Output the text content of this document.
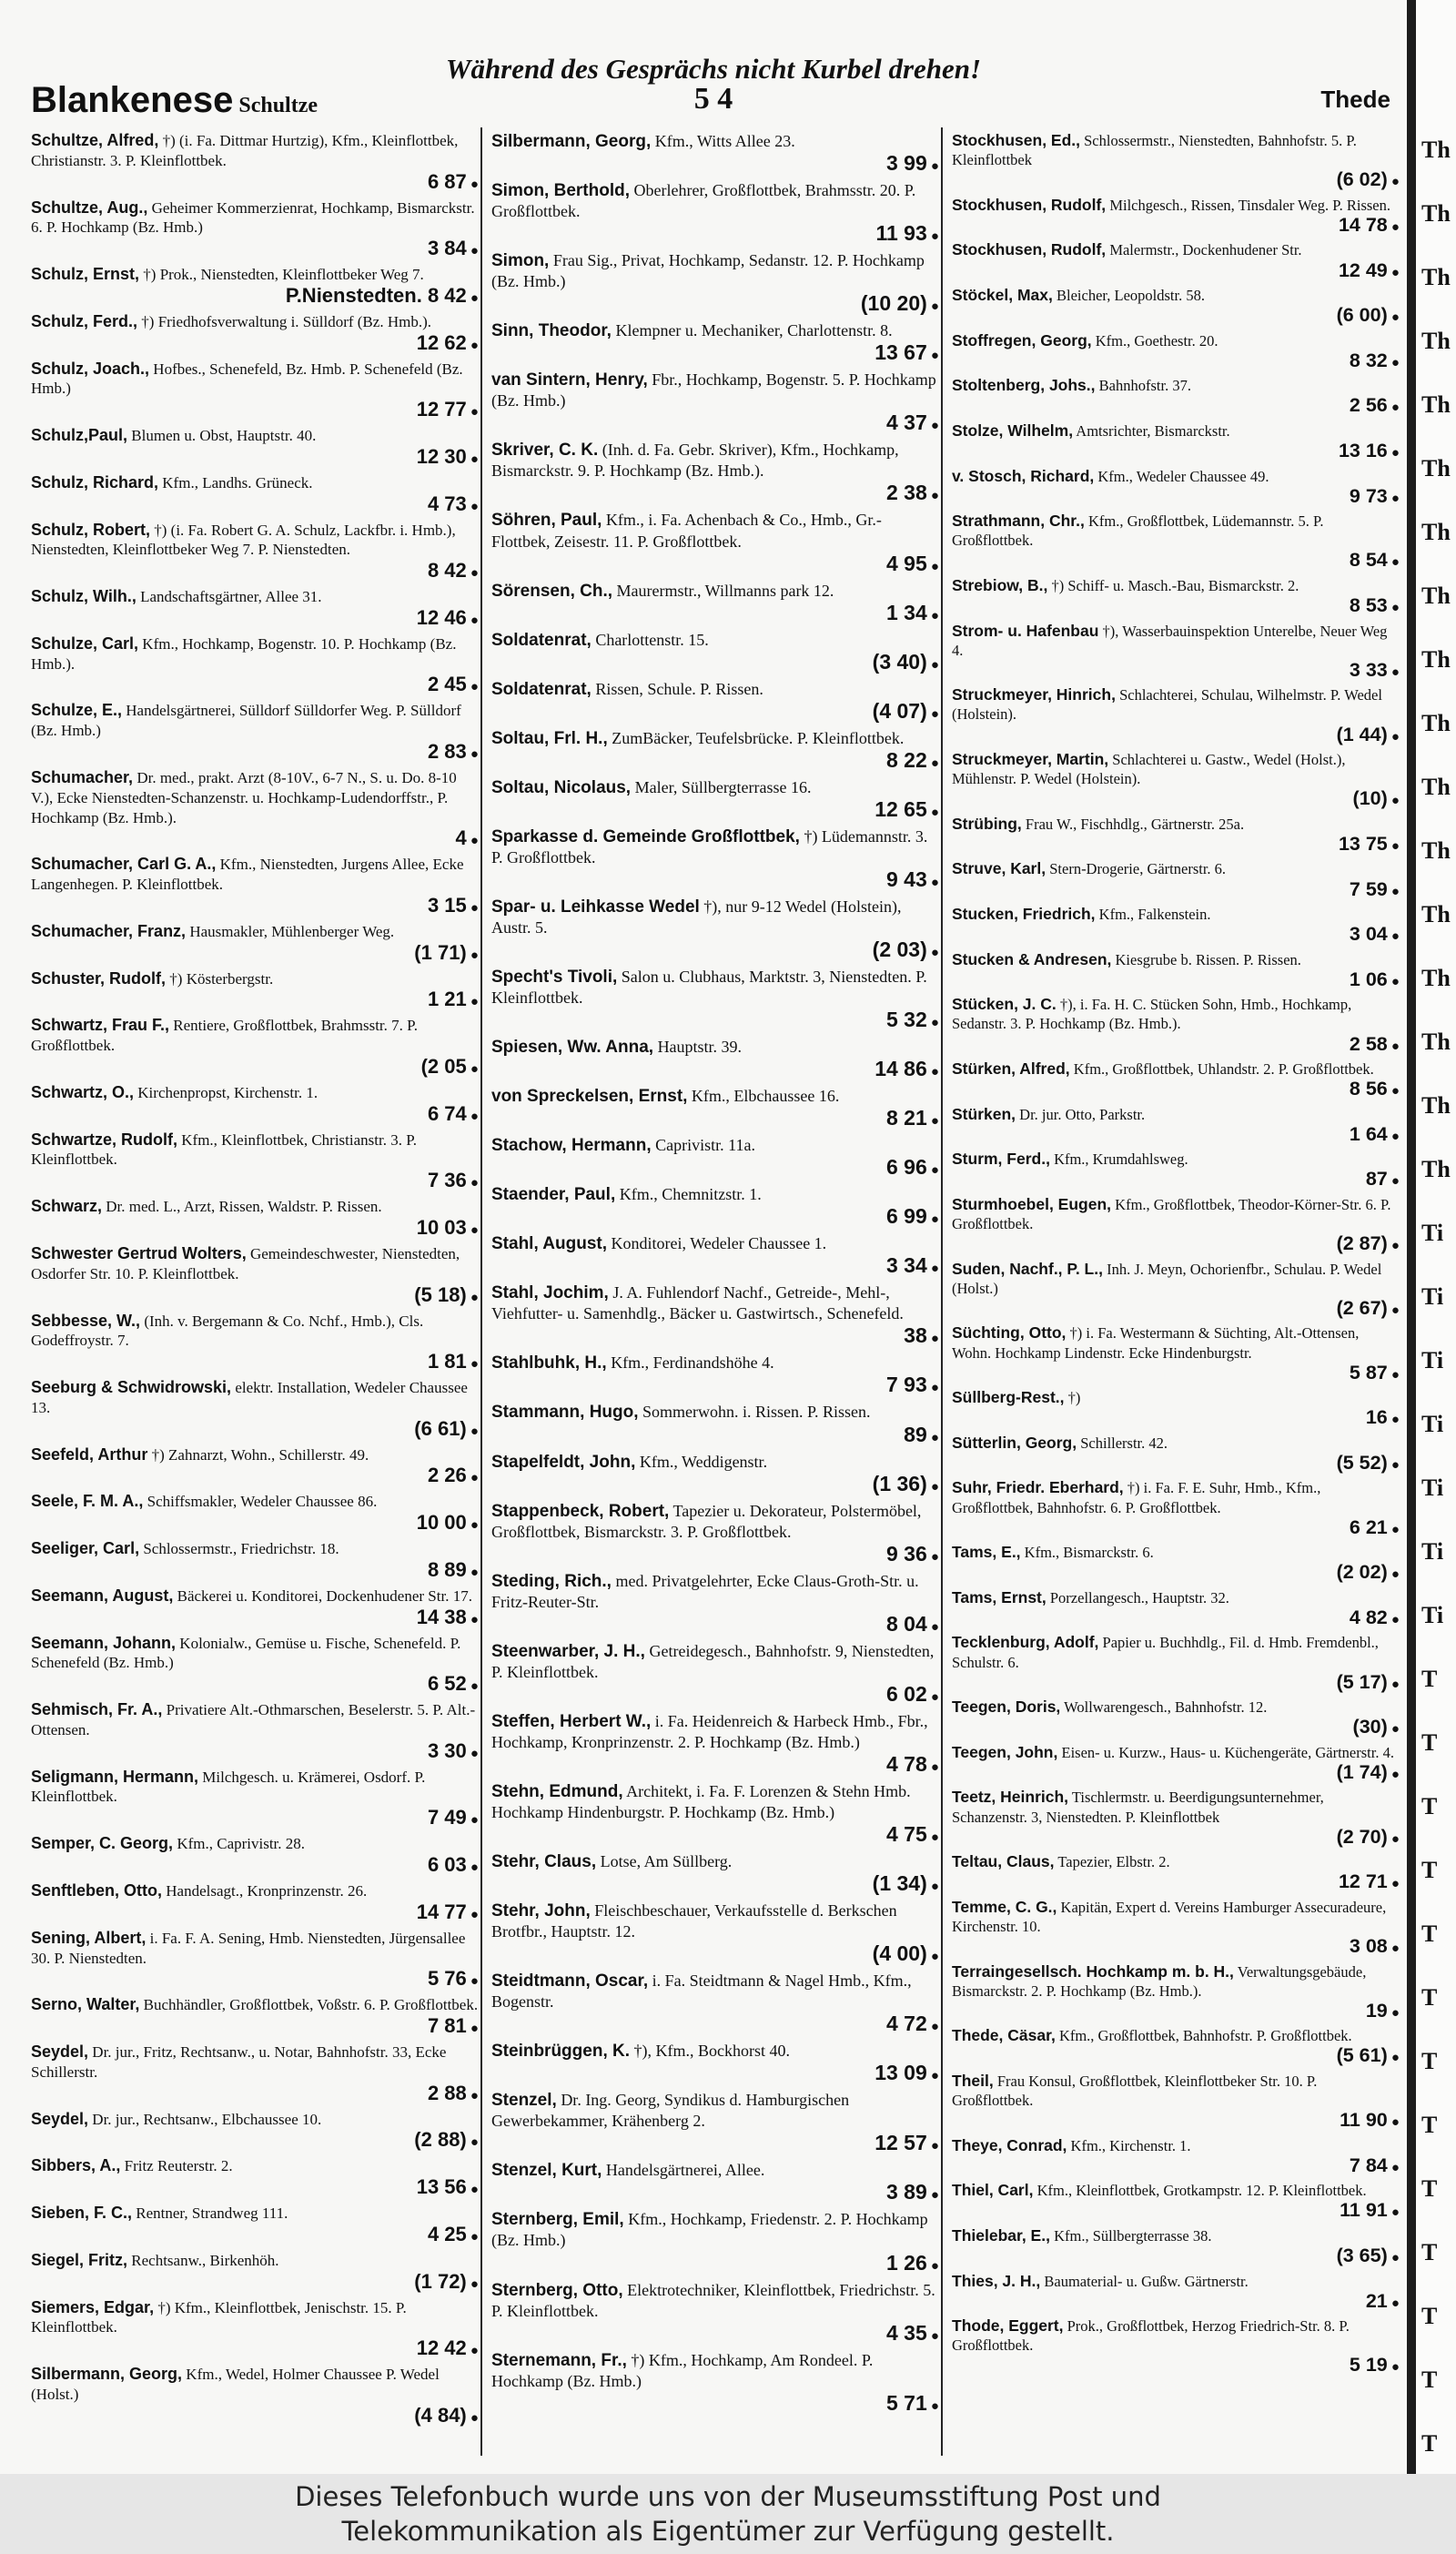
Blankenese Schultze
Während des Gesprächs nicht Kurbel drehen!
5 4	Thede
Schultze, Alfred, †) (i. Fa. Dittmar Hurtzig), Kfm., Kleinflottbek, Christianstr. 3. P. Kleinflottbek.
6 87 ●
Schultze, Aug., Geheimer Kommerzienrat, Hochkamp, Bismarckstr. 6. P. Hochkamp (Bz. Hmb.)
3 84 ●
Schulz, Ernst, †) Prok., Nienstedten, Kleinflottbeker Weg 7.
P.Nienstedten. 8 42 ●
Schulz, Ferd., †) Friedhofsverwaltung i. Sülldorf (Bz. Hmb.).
12 62 ●
Schulz, Joach., Hofbes., Schenefeld, Bz. Hmb. P. Schenefeld (Bz. Hmb.)
12 77 ●
Schulz,Paul, Blumen u. Obst, Hauptstr. 40.
12 30 ●
Schulz, Richard, Kfm., Landhs. Grüneck.
4 73 ●
Schulz, Robert, †) (i. Fa. Robert G. A. Schulz, Lackfbr. i. Hmb.), Nienstedten, Kleinflottbeker Weg 7. P. Nienstedten.
8 42 ●
Schulz, Wilh., Landschaftsgärtner, Allee 31.
12 46 ●
Schulze, Carl, Kfm., Hochkamp, Bogenstr. 10. P. Hochkamp (Bz. Hmb.).
2 45 ●
Schulze, E., Handelsgärtnerei, Sülldorf Sülldorfer Weg. P. Sülldorf (Bz. Hmb.)
2 83 ●
Schumacher, Dr. med., prakt. Arzt (8-10V., 6-7 N., S. u. Do. 8-10 V.), Ecke Nienstedten-Schanzenstr. u. Hochkamp-Ludendorffstr., P. Hochkamp (Bz. Hmb.).
4 ●
Schumacher, Carl G. A., Kfm., Nienstedten, Jurgens Allee, Ecke Langenhegen. P. Kleinflottbek.
3 15 ●
Schumacher, Franz, Hausmakler, Mühlenberger Weg.
(1 71) ●
Schuster, Rudolf, †) Kösterbergstr.
1 21 ●
Schwartz, Frau F., Rentiere, Großflottbek, Brahmsstr. 7. P. Großflottbek.
(2 05 ●
Schwartz, O., Kirchenpropst, Kirchenstr. 1.
6 74 ●
Schwartze, Rudolf, Kfm., Kleinflottbek, Christianstr. 3. P. Kleinflottbek.
7 36 ●
Schwarz, Dr. med. L., Arzt, Rissen, Waldstr. P. Rissen.
10 03 ●
Schwester Gertrud Wolters, Gemeindeschwester, Nienstedten, Osdorfer Str. 10. P. Kleinflottbek.
(5 18) ●
Sebbesse, W., (Inh. v. Bergemann & Co. Nchf., Hmb.), Cls. Godeffroystr. 7.
1 81 ●
Seeburg & Schwidrowski, elektr. Installation, Wedeler Chaussee 13.
(6 61) ●
Seefeld, Arthur †) Zahnarzt, Wohn., Schillerstr. 49.
2 26 ●
Seele, F. M. A., Schiffsmakler, Wedeler Chaussee 86.
10 00 ●
Seeliger, Carl, Schlossermstr., Friedrichstr. 18.
8 89 ●
Seemann, August, Bäckerei u. Konditorei, Dockenhudener Str. 17.
14 38 ●
Seemann, Johann, Kolonialw., Gemüse u. Fische, Schenefeld. P. Schenefeld (Bz. Hmb.)
6 52 ●
Sehmisch, Fr. A., Privatiere Alt.-Othmarschen, Beselerstr. 5. P. Alt.-Ottensen.
3 30 ●
Seligmann, Hermann, Milchgesch. u. Krämerei, Osdorf. P. Kleinflottbek.
7 49 ●
Semper, C. Georg, Kfm., Caprivistr. 28.
6 03 ●
Senftleben, Otto, Handelsagt., Kronprinzenstr. 26.
14 77 ●
Sening, Albert, i. Fa. F. A. Sening, Hmb. Nienstedten, Jürgensallee 30. P. Nienstedten.
5 76 ●
Serno, Walter, Buchhändler, Großflottbek, Voßstr. 6. P. Großflottbek.
7 81 ●
Seydel, Dr. jur., Fritz, Rechtsanw., u. Notar, Bahnhofstr. 33, Ecke Schillerstr.
2 88 ●
Seydel, Dr. jur., Rechtsanw., Elbchaussee 10.
(2 88) ●
Sibbers, A., Fritz Reuterstr. 2.
13 56 ●
Sieben, F. C., Rentner, Strandweg 111.
4 25 ●
Siegel, Fritz, Rechtsanw., Birkenhöh.
(1 72) ●
Siemers, Edgar, †) Kfm., Kleinflottbek, Jenischstr. 15. P. Kleinflottbek.
12 42 ●
Silbermann, Georg, Kfm., Wedel, Holmer Chaussee P. Wedel (Holst.)
(4 84) ●
Silbermann, Georg, Kfm., Witts Allee 23.
3 99 ●
Simon, Berthold, Oberlehrer, Großflottbek, Brahmsstr. 20. P. Großflottbek.
11 93 ●
Simon, Frau Sig., Privat, Hochkamp, Sedanstr. 12. P. Hochkamp (Bz. Hmb.)
(10 20) ●
Sinn, Theodor, Klempner u. Mechaniker, Charlottenstr. 8.
13 67 ●
van Sintern, Henry, Fbr., Hochkamp, Bogenstr. 5. P. Hochkamp (Bz. Hmb.)
4 37 ●
Skriver, C. K. (Inh. d. Fa. Gebr. Skriver), Kfm., Hochkamp, Bismarckstr. 9. P. Hochkamp (Bz. Hmb.).
2 38 ●
Söhren, Paul, Kfm., i. Fa. Achenbach & Co., Hmb., Gr.-Flottbek, Zeisestr. 11. P. Großflottbek.
4 95 ●
Sörensen, Ch., Maurermstr., Willmanns park 12.
1 34 ●
Soldatenrat, Charlottenstr. 15.
(3 40) ●
Soldatenrat, Rissen, Schule. P. Rissen.
(4 07) ●
Soltau, Frl. H., ZumBäcker, Teufelsbrücke. P. Kleinflottbek.
8 22 ●
Soltau, Nicolaus, Maler, Süllbergterrasse 16.
12 65 ●
Sparkasse d. Gemeinde Großflottbek, †) Lüdemannstr. 3. P. Großflottbek.
9 43 ●
Spar- u. Leihkasse Wedel †), nur 9-12 Wedel (Holstein), Austr. 5.
(2 03) ●
Specht's Tivoli, Salon u. Clubhaus, Marktstr. 3, Nienstedten. P. Kleinflottbek.
5 32 ●
Spiesen, Ww. Anna, Hauptstr. 39.
14 86 ●
von Spreckelsen, Ernst, Kfm., Elbchaussee 16.
8 21 ●
Stachow, Hermann, Caprivistr. 11a.
6 96 ●
Staender, Paul, Kfm., Chemnitzstr. 1.
6 99 ●
Stahl, August, Konditorei, Wedeler Chaussee 1.
3 34 ●
Stahl, Jochim, J. A. Fuhlendorf Nachf., Getreide-, Mehl-, Viehfutter- u. Samenhdlg., Bäcker u. Gastwirtsch., Schenefeld.
38 ●
Stahlbuhk, H., Kfm., Ferdinandshöhe 4.
7 93 ●
Stammann, Hugo, Sommerwohn. i. Rissen. P. Rissen.
89 ●
Stapelfeldt, John, Kfm., Weddigenstr.
(1 36) ●
Stappenbeck, Robert, Tapezier u. Dekorateur, Polstermöbel, Großflottbek, Bismarckstr. 3. P. Großflottbek.
9 36 ●
Steding, Rich., med. Privatgelehrter, Ecke Claus-Groth-Str. u. Fritz-Reuter-Str.
8 04 ●
Steenwarber, J. H., Getreidegesch., Bahnhofstr. 9, Nienstedten, P. Kleinflottbek.
6 02 ●
Steffen, Herbert W., i. Fa. Heidenreich & Harbeck Hmb., Fbr., Hochkamp, Kronprinzenstr. 2. P. Hochkamp (Bz. Hmb.)
4 78 ●
Stehn, Edmund, Architekt, i. Fa. F. Lorenzen & Stehn Hmb. Hochkamp Hindenburgstr. P. Hochkamp (Bz. Hmb.)
4 75 ●
Stehr, Claus, Lotse, Am Süllberg.
(1 34) ●
Stehr, John, Fleischbeschauer, Verkaufsstelle d. Berkschen Brotfbr., Hauptstr. 12.
(4 00) ●
Steidtmann, Oscar, i. Fa. Steidtmann & Nagel Hmb., Kfm., Bogenstr.
4 72 ●
Steinbrüggen, K. †), Kfm., Bockhorst 40.
13 09 ●
Stenzel, Dr. Ing. Georg, Syndikus d. Hamburgischen Gewerbekammer, Krähenberg 2.
12 57 ●
Stenzel, Kurt, Handelsgärtnerei, Allee.
3 89 ●
Sternberg, Emil, Kfm., Hochkamp, Friedenstr. 2. P. Hochkamp (Bz. Hmb.)
1 26 ●
Sternberg, Otto, Elektrotechniker, Kleinflottbek, Friedrichstr. 5. P. Kleinflottbek.
4 35 ●
Sternemann, Fr., †) Kfm., Hochkamp, Am Rondeel. P. Hochkamp (Bz. Hmb.)
5 71 ●
Stockhusen, Ed., Schlossermstr., Nienstedten, Bahnhofstr. 5. P. Kleinflottbek
(6 02) ●
Stockhusen, Rudolf, Milchgesch., Rissen, Tinsdaler Weg. P. Rissen.
14 78 ●
Stockhusen, Rudolf, Malermstr., Dockenhudener Str.
12 49 ●
Stöckel, Max, Bleicher, Leopoldstr. 58.
(6 00) ●
Stoffregen, Georg, Kfm., Goethestr. 20.
8 32 ●
Stoltenberg, Johs., Bahnhofstr. 37.
2 56 ●
Stolze, Wilhelm, Amtsrichter, Bismarckstr.
13 16 ●
v. Stosch, Richard, Kfm., Wedeler Chaussee 49.
9 73 ●
Strathmann, Chr., Kfm., Großflottbek, Lüdemannstr. 5. P. Großflottbek.
8 54 ●
Strebiow, B., †) Schiff- u. Masch.-Bau, Bismarckstr. 2.
8 53 ●
Strom- u. Hafenbau †), Wasserbauinspektion Unterelbe, Neuer Weg 4.
3 33 ●
Struckmeyer, Hinrich, Schlachterei, Schulau, Wilhelmstr. P. Wedel (Holstein).
(1 44) ●
Struckmeyer, Martin, Schlachterei u. Gastw., Wedel (Holst.), Mühlenstr. P. Wedel (Holstein).
(10) ●
Strübing, Frau W., Fischhdlg., Gärtnerstr. 25a.
13 75 ●
Struve, Karl, Stern-Drogerie, Gärtnerstr. 6.
7 59 ●
Stucken, Friedrich, Kfm., Falkenstein.
3 04 ●
Stucken & Andresen, Kiesgrube b. Rissen. P. Rissen.
1 06 ●
Stücken, J. C. †), i. Fa. H. C. Stücken Sohn, Hmb., Hochkamp, Sedanstr. 3. P. Hochkamp (Bz. Hmb.).
2 58 ●
Stürken, Alfred, Kfm., Großflottbek, Uhlandstr. 2. P. Großflottbek.
8 56 ●
Stürken, Dr. jur. Otto, Parkstr.
1 64 ●
Sturm, Ferd., Kfm., Krumdahlsweg.
87 ●
Sturmhoebel, Eugen, Kfm., Großflottbek, Theodor-Körner-Str. 6. P. Großflottbek.
(2 87) ●
Suden, Nachf., P. L., Inh. J. Meyn, Ochorienfbr., Schulau. P. Wedel (Holst.)
(2 67) ●
Süchting, Otto, †) i. Fa. Westermann & Süchting, Alt.-Ottensen, Wohn. Hochkamp Lindenstr. Ecke Hindenburgstr.
5 87 ●
Süllberg-Rest., †)
16 ●
Sütterlin, Georg, Schillerstr. 42.
(5 52) ●
Suhr, Friedr. Eberhard, †) i. Fa. F. E. Suhr, Hmb., Kfm., Großflottbek, Bahnhofstr. 6. P. Großflottbek.
6 21 ●
Tams, E., Kfm., Bismarckstr. 6.
(2 02) ●
Tams, Ernst, Porzellangesch., Hauptstr. 32.
4 82 ●
Tecklenburg, Adolf, Papier u. Buchhdlg., Fil. d. Hmb. Fremdenbl., Schulstr. 6.
(5 17) ●
Teegen, Doris, Wollwarengesch., Bahnhofstr. 12.
(30) ●
Teegen, John, Eisen- u. Kurzw., Haus- u. Küchengeräte, Gärtnerstr. 4.
(1 74) ●
Teetz, Heinrich, Tischlermstr. u. Beerdigungsunternehmer, Schanzenstr. 3, Nienstedten. P. Kleinflottbek
(2 70) ●
Teltau, Claus, Tapezier, Elbstr. 2.
12 71 ●
Temme, C. G., Kapitän, Expert d. Vereins Hamburger Assecuradeure, Kirchenstr. 10.
3 08 ●
Terraingesellsch. Hochkamp m. b. H., Verwaltungsgebäude, Bismarckstr. 2. P. Hochkamp (Bz. Hmb.).
19 ●
Thede, Cäsar, Kfm., Großflottbek, Bahnhofstr. P. Großflottbek.
(5 61) ●
Theil, Frau Konsul, Großflottbek, Kleinflottbeker Str. 10. P. Großflottbek.
11 90 ●
Theye, Conrad, Kfm., Kirchenstr. 1.
7 84 ●
Thiel, Carl, Kfm., Kleinflottbek, Grotkampstr. 12. P. Kleinflottbek.
11 91 ●
Thielebar, E., Kfm., Süllbergterrasse 38.
(3 65) ●
Thies, J. H., Baumaterial- u. Gußw. Gärtnerstr.
21 ●
Thode, Eggert, Prok., Großflottbek, Herzog Friedrich-Str. 8. P. Großflottbek.
5 19 ●
Th
Th
Th
Th
Th
Th
Th
Th
Th
Th
Th
Th
Th
Th
Th
Th
Th
Ti
Ti
Ti
Ti
Ti
Ti
Ti
T
T
T
T
T
T
T
T
T
T
T
T
T
Dieses Telefonbuch wurde uns von der Museumsstiftung Post und
Telekommunikation als Eigentümer zur Verfügung gestellt.
